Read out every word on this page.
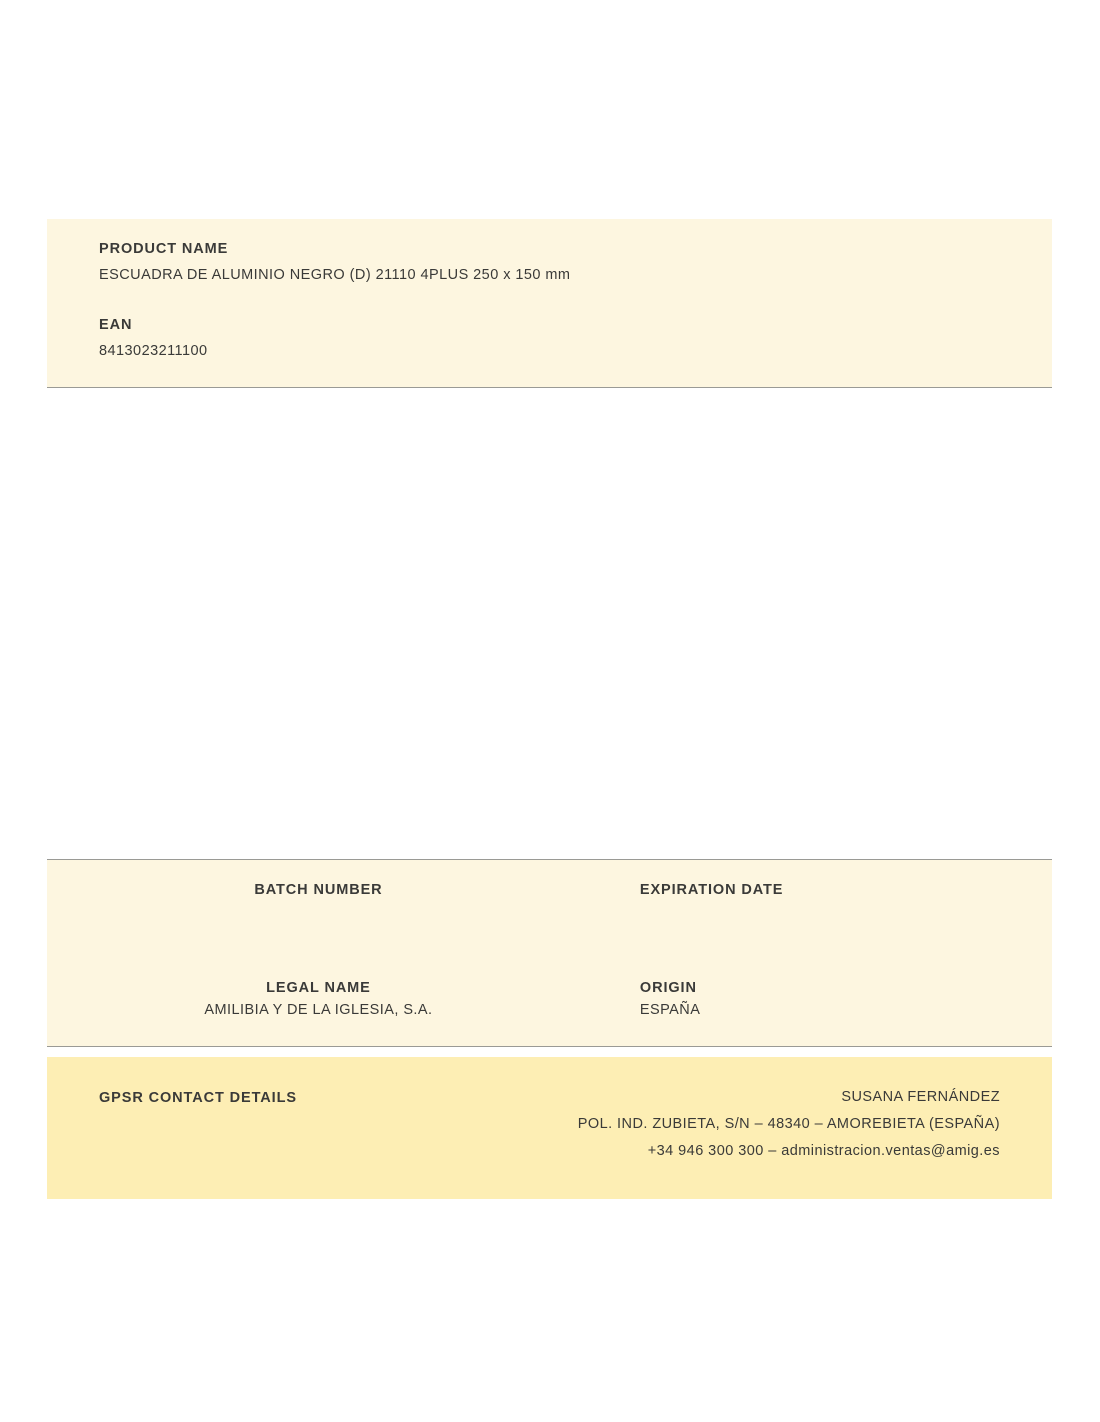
PRODUCT NAME

ESCUADRA DE ALUMINIO NEGRO (D) 21110 4PLUS 250 x 150 mm

EAN

8413023211100

BATCH NUMBER	EXPIRATION DATE

LEGAL NAME

AMILIBIA Y DE LA IGLESIA, S.A.

ORIGIN

ESPAÑA

GPSR CONTACT DETAILS	SUSANA FERNÁNDEZ

POL. IND. ZUBIETA, S/N – 48340 – AMOREBIETA (ESPAÑA)

+34 946 300 300 – administracion.ventas@amig.es
